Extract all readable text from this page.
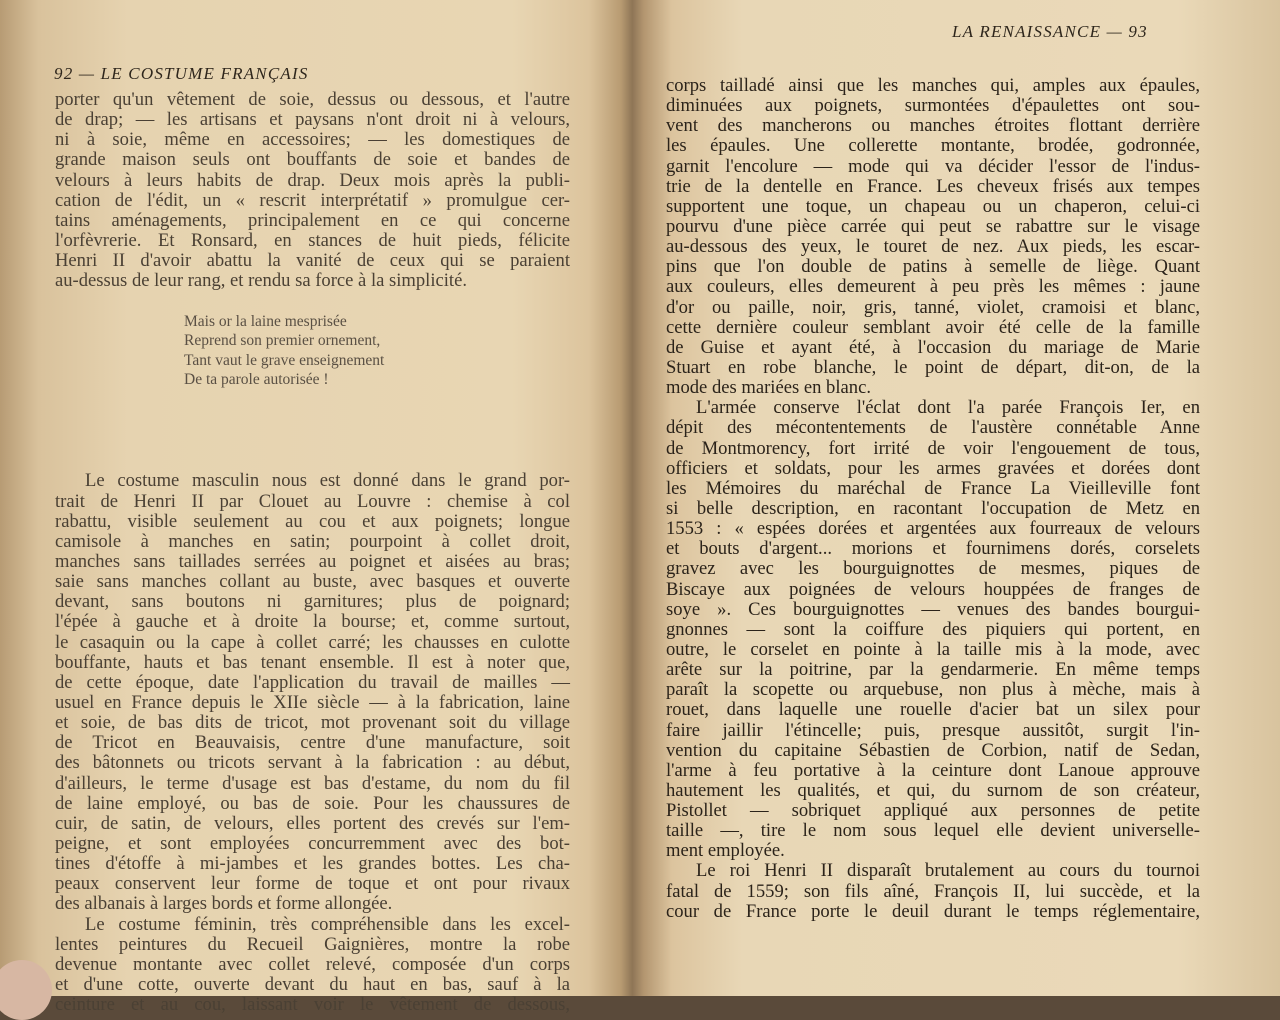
92 — LE COSTUME FRANÇAIS
porter qu'un vêtement de soie, dessus ou dessous, et l'autre
de drap; — les artisans et paysans n'ont droit ni à velours,
ni à soie, même en accessoires; — les domestiques de
grande maison seuls ont bouffants de soie et bandes de
velours à leurs habits de drap. Deux mois après la publi-
cation de l'édit, un « rescrit interprétatif » promulgue cer-
tains aménagements, principalement en ce qui concerne
l'orfèvrerie. Et Ronsard, en stances de huit pieds, félicite
Henri II d'avoir abattu la vanité de ceux qui se paraient
au-dessus de leur rang, et rendu sa force à la simplicité.
Le costume masculin nous est donné dans le grand por-
trait de Henri II par Clouet au Louvre : chemise à col
rabattu, visible seulement au cou et aux poignets; longue
camisole à manches en satin; pourpoint à collet droit,
manches sans taillades serrées au poignet et aisées au bras;
saie sans manches collant au buste, avec basques et ouverte
devant, sans boutons ni garnitures; plus de poignard;
l'épée à gauche et à droite la bourse; et, comme surtout,
le casaquin ou la cape à collet carré; les chausses en culotte
bouffante, hauts et bas tenant ensemble. Il est à noter que,
de cette époque, date l'application du travail de mailles —
usuel en France depuis le XIIe siècle — à la fabrication, laine
et soie, de bas dits de tricot, mot provenant soit du village
de Tricot en Beauvaisis, centre d'une manufacture, soit
des bâtonnets ou tricots servant à la fabrication : au début,
d'ailleurs, le terme d'usage est bas d'estame, du nom du fil
de laine employé, ou bas de soie. Pour les chaussures de
cuir, de satin, de velours, elles portent des crevés sur l'em-
peigne, et sont employées concurremment avec des bot-
tines d'étoffe à mi-jambes et les grandes bottes. Les cha-
peaux conservent leur forme de toque et ont pour rivaux
des albanais à larges bords et forme allongée.
Le costume féminin, très compréhensible dans les excel-
lentes peintures du Recueil Gaignières, montre la robe
devenue montante avec collet relevé, composée d'un corps
et d'une cotte, ouverte devant du haut en bas, sauf à la
ceinture et au cou, laissant voir le vêtement de dessous,
Mais or la laine mesprisée
Reprend son premier ornement,
Tant vaut le grave enseignement
De ta parole autorisée !
LA RENAISSANCE — 93
corps tailladé ainsi que les manches qui, amples aux épaules,
diminuées aux poignets, surmontées d'épaulettes ont sou-
vent des mancherons ou manches étroites flottant derrière
les épaules. Une collerette montante, brodée, godronnée,
garnit l'encolure — mode qui va décider l'essor de l'indus-
trie de la dentelle en France. Les cheveux frisés aux tempes
supportent une toque, un chapeau ou un chaperon, celui-ci
pourvu d'une pièce carrée qui peut se rabattre sur le visage
au-dessous des yeux, le touret de nez. Aux pieds, les escar-
pins que l'on double de patins à semelle de liège. Quant
aux couleurs, elles demeurent à peu près les mêmes : jaune
d'or ou paille, noir, gris, tanné, violet, cramoisi et blanc,
cette dernière couleur semblant avoir été celle de la famille
de Guise et ayant été, à l'occasion du mariage de Marie
Stuart en robe blanche, le point de départ, dit-on, de la
mode des mariées en blanc.
L'armée conserve l'éclat dont l'a parée François Ier, en
dépit des mécontentements de l'austère connétable Anne
de Montmorency, fort irrité de voir l'engouement de tous,
officiers et soldats, pour les armes gravées et dorées dont
les Mémoires du maréchal de France La Vieilleville font
si belle description, en racontant l'occupation de Metz en
1553 : « espées dorées et argentées aux fourreaux de velours
et bouts d'argent... morions et fournimens dorés, corselets
gravez avec les bourguignottes de mesmes, piques de
Biscaye aux poignées de velours houppées de franges de
soye ». Ces bourguignottes — venues des bandes bourgui-
gnonnes — sont la coiffure des piquiers qui portent, en
outre, le corselet en pointe à la taille mis à la mode, avec
arête sur la poitrine, par la gendarmerie. En même temps
paraît la scopette ou arquebuse, non plus à mèche, mais à
rouet, dans laquelle une rouelle d'acier bat un silex pour
faire jaillir l'étincelle; puis, presque aussitôt, surgit l'in-
vention du capitaine Sébastien de Corbion, natif de Sedan,
l'arme à feu portative à la ceinture dont Lanoue approuve
hautement les qualités, et qui, du surnom de son créateur,
Pistollet — sobriquet appliqué aux personnes de petite
taille —, tire le nom sous lequel elle devient universelle-
ment employée.
Le roi Henri II disparaît brutalement au cours du tournoi
fatal de 1559; son fils aîné, François II, lui succède, et la
cour de France porte le deuil durant le temps réglementaire,
